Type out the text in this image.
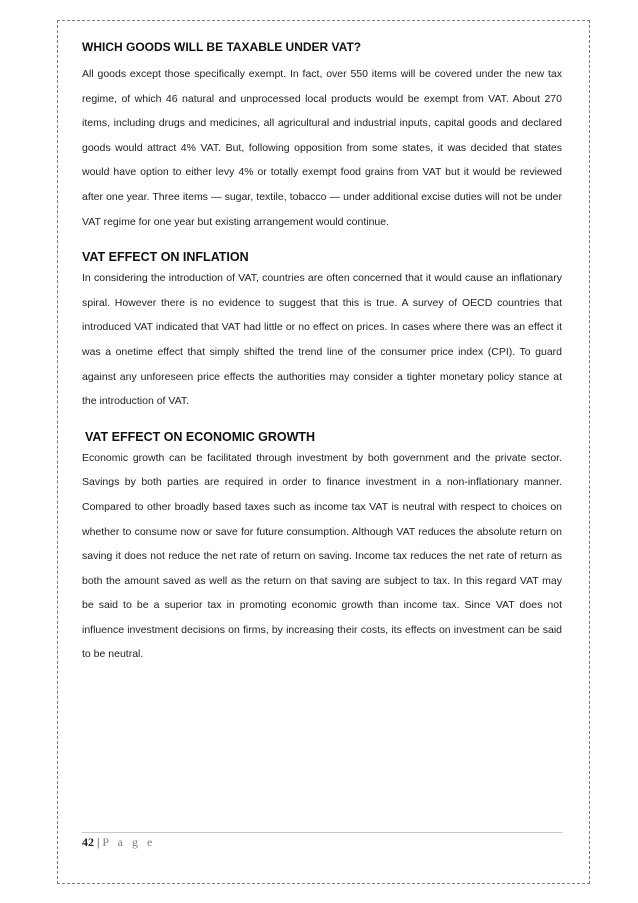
WHICH GOODS WILL BE TAXABLE UNDER VAT?

All goods except those specifically exempt. In fact, over 550 items will be covered under the new tax regime, of which 46 natural and unprocessed local products would be exempt from VAT. About 270 items, including drugs and medicines, all agricultural and industrial inputs, capital goods and declared goods would attract 4% VAT. But, following opposition from some states, it was decided that states would have option to either levy 4% or totally exempt food grains from VAT but it would be reviewed after one year. Three items — sugar, textile, tobacco — under additional excise duties will not be under VAT regime for one year but existing arrangement would continue.

VAT EFFECT ON INFLATION

In considering the introduction of VAT, countries are often concerned that it would cause an inflationary spiral. However there is no evidence to suggest that this is true. A survey of OECD countries that introduced VAT indicated that VAT had little or no effect on prices. In cases where there was an effect it was a onetime effect that simply shifted the trend line of the consumer price index (CPI). To guard against any unforeseen price effects the authorities may consider a tighter monetary policy stance at the introduction of VAT.

VAT EFFECT ON ECONOMIC GROWTH

Economic growth can be facilitated through investment by both government and the private sector. Savings by both parties are required in order to finance investment in a non-inflationary manner. Compared to other broadly based taxes such as income tax VAT is neutral with respect to choices on whether to consume now or save for future consumption. Although VAT reduces the absolute return on saving it does not reduce the net rate of return on saving. Income tax reduces the net rate of return as both the amount saved as well as the return on that saving are subject to tax. In this regard VAT may be said to be a superior tax in promoting economic growth than income tax. Since VAT does not influence investment decisions on firms, by increasing their costs, its effects on investment can be said to be neutral.

42 | P a g e
